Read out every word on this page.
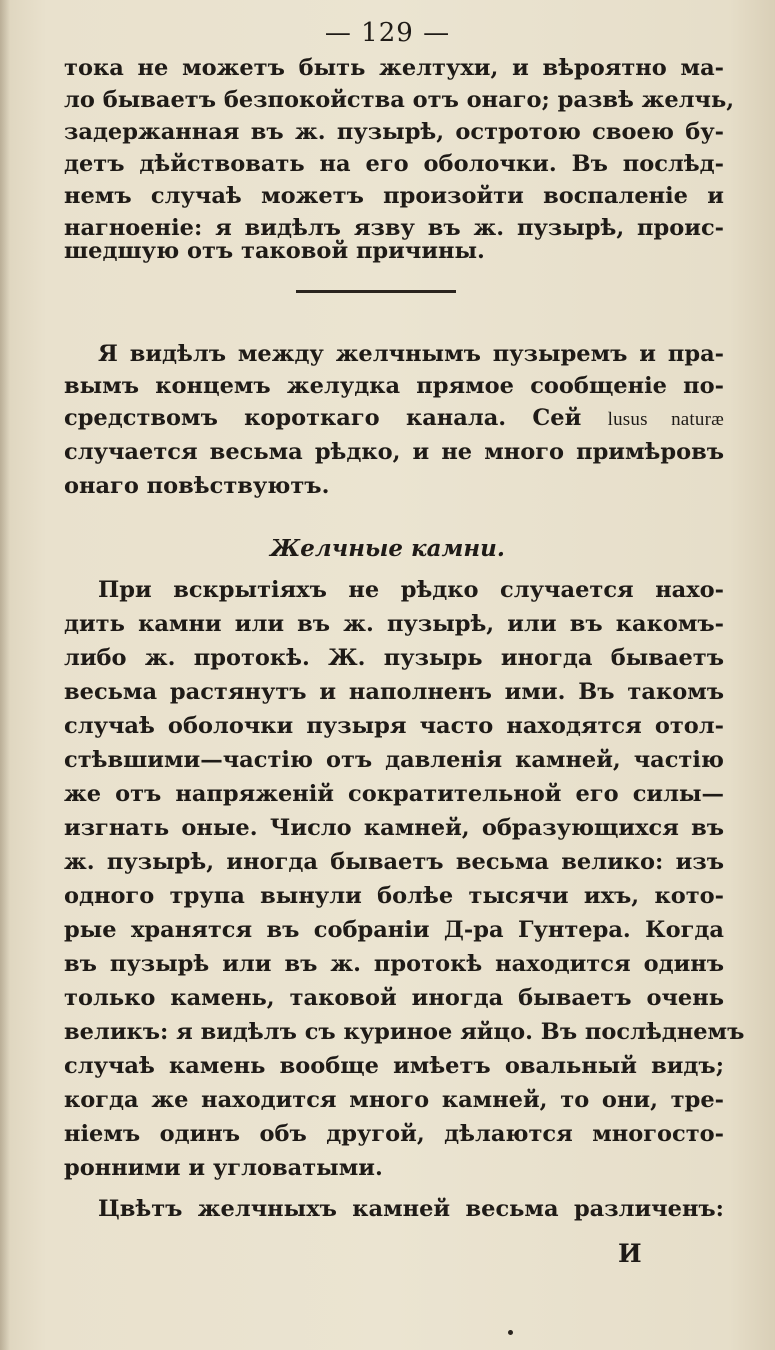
— 129 —
тока не можетъ быть желтухи, и вѣроятно ма-
ло бываетъ безпокойства отъ онаго; развѣ желчь,
задержанная въ ж. пузырѣ, остротою своею бу-
детъ дѣйствовать на его оболочки. Въ послѣд-
немъ случаѣ можетъ произойти воспаленіе и
нагноеніе: я видѣлъ язву въ ж. пузырѣ, проис-
шедшую отъ таковой причины.
Я видѣлъ между желчнымъ пузыремъ и пра-
вымъ концемъ желудка прямое сообщеніе по-
средствомъ короткаго канала. Сей lusus naturæ
случается весьма рѣдко, и не много примѣровъ
онаго повѣствуютъ.
Желчные камни.
При вскрытіяхъ не рѣдко случается нахо-
дить камни или въ ж. пузырѣ, или въ какомъ-
либо ж. протокѣ. Ж. пузырь иногда бываетъ
весьма растянутъ и наполненъ ими. Въ такомъ
случаѣ оболочки пузыря часто находятся отол-
стѣвшими—частію отъ давленія камней, частію
же отъ напряженій сократительной его силы—
изгнать оные. Число камней, образующихся въ
ж. пузырѣ, иногда бываетъ весьма велико: изъ
одного трупа вынули болѣе тысячи ихъ, кото-
рые хранятся въ собраніи Д-ра Гунтера. Когда
въ пузырѣ или въ ж. протокѣ находится одинъ
только камень, таковой иногда бываетъ очень
великъ: я видѣлъ съ куриное яйцо. Въ послѣднемъ
случаѣ камень вообще имѣетъ овальный видъ;
когда же находится много камней, то они, тре-
ніемъ одинъ объ другой, дѣлаются многосто-
ронними и угловатыми.
Цвѣтъ желчныхъ камней весьма различенъ:
И
